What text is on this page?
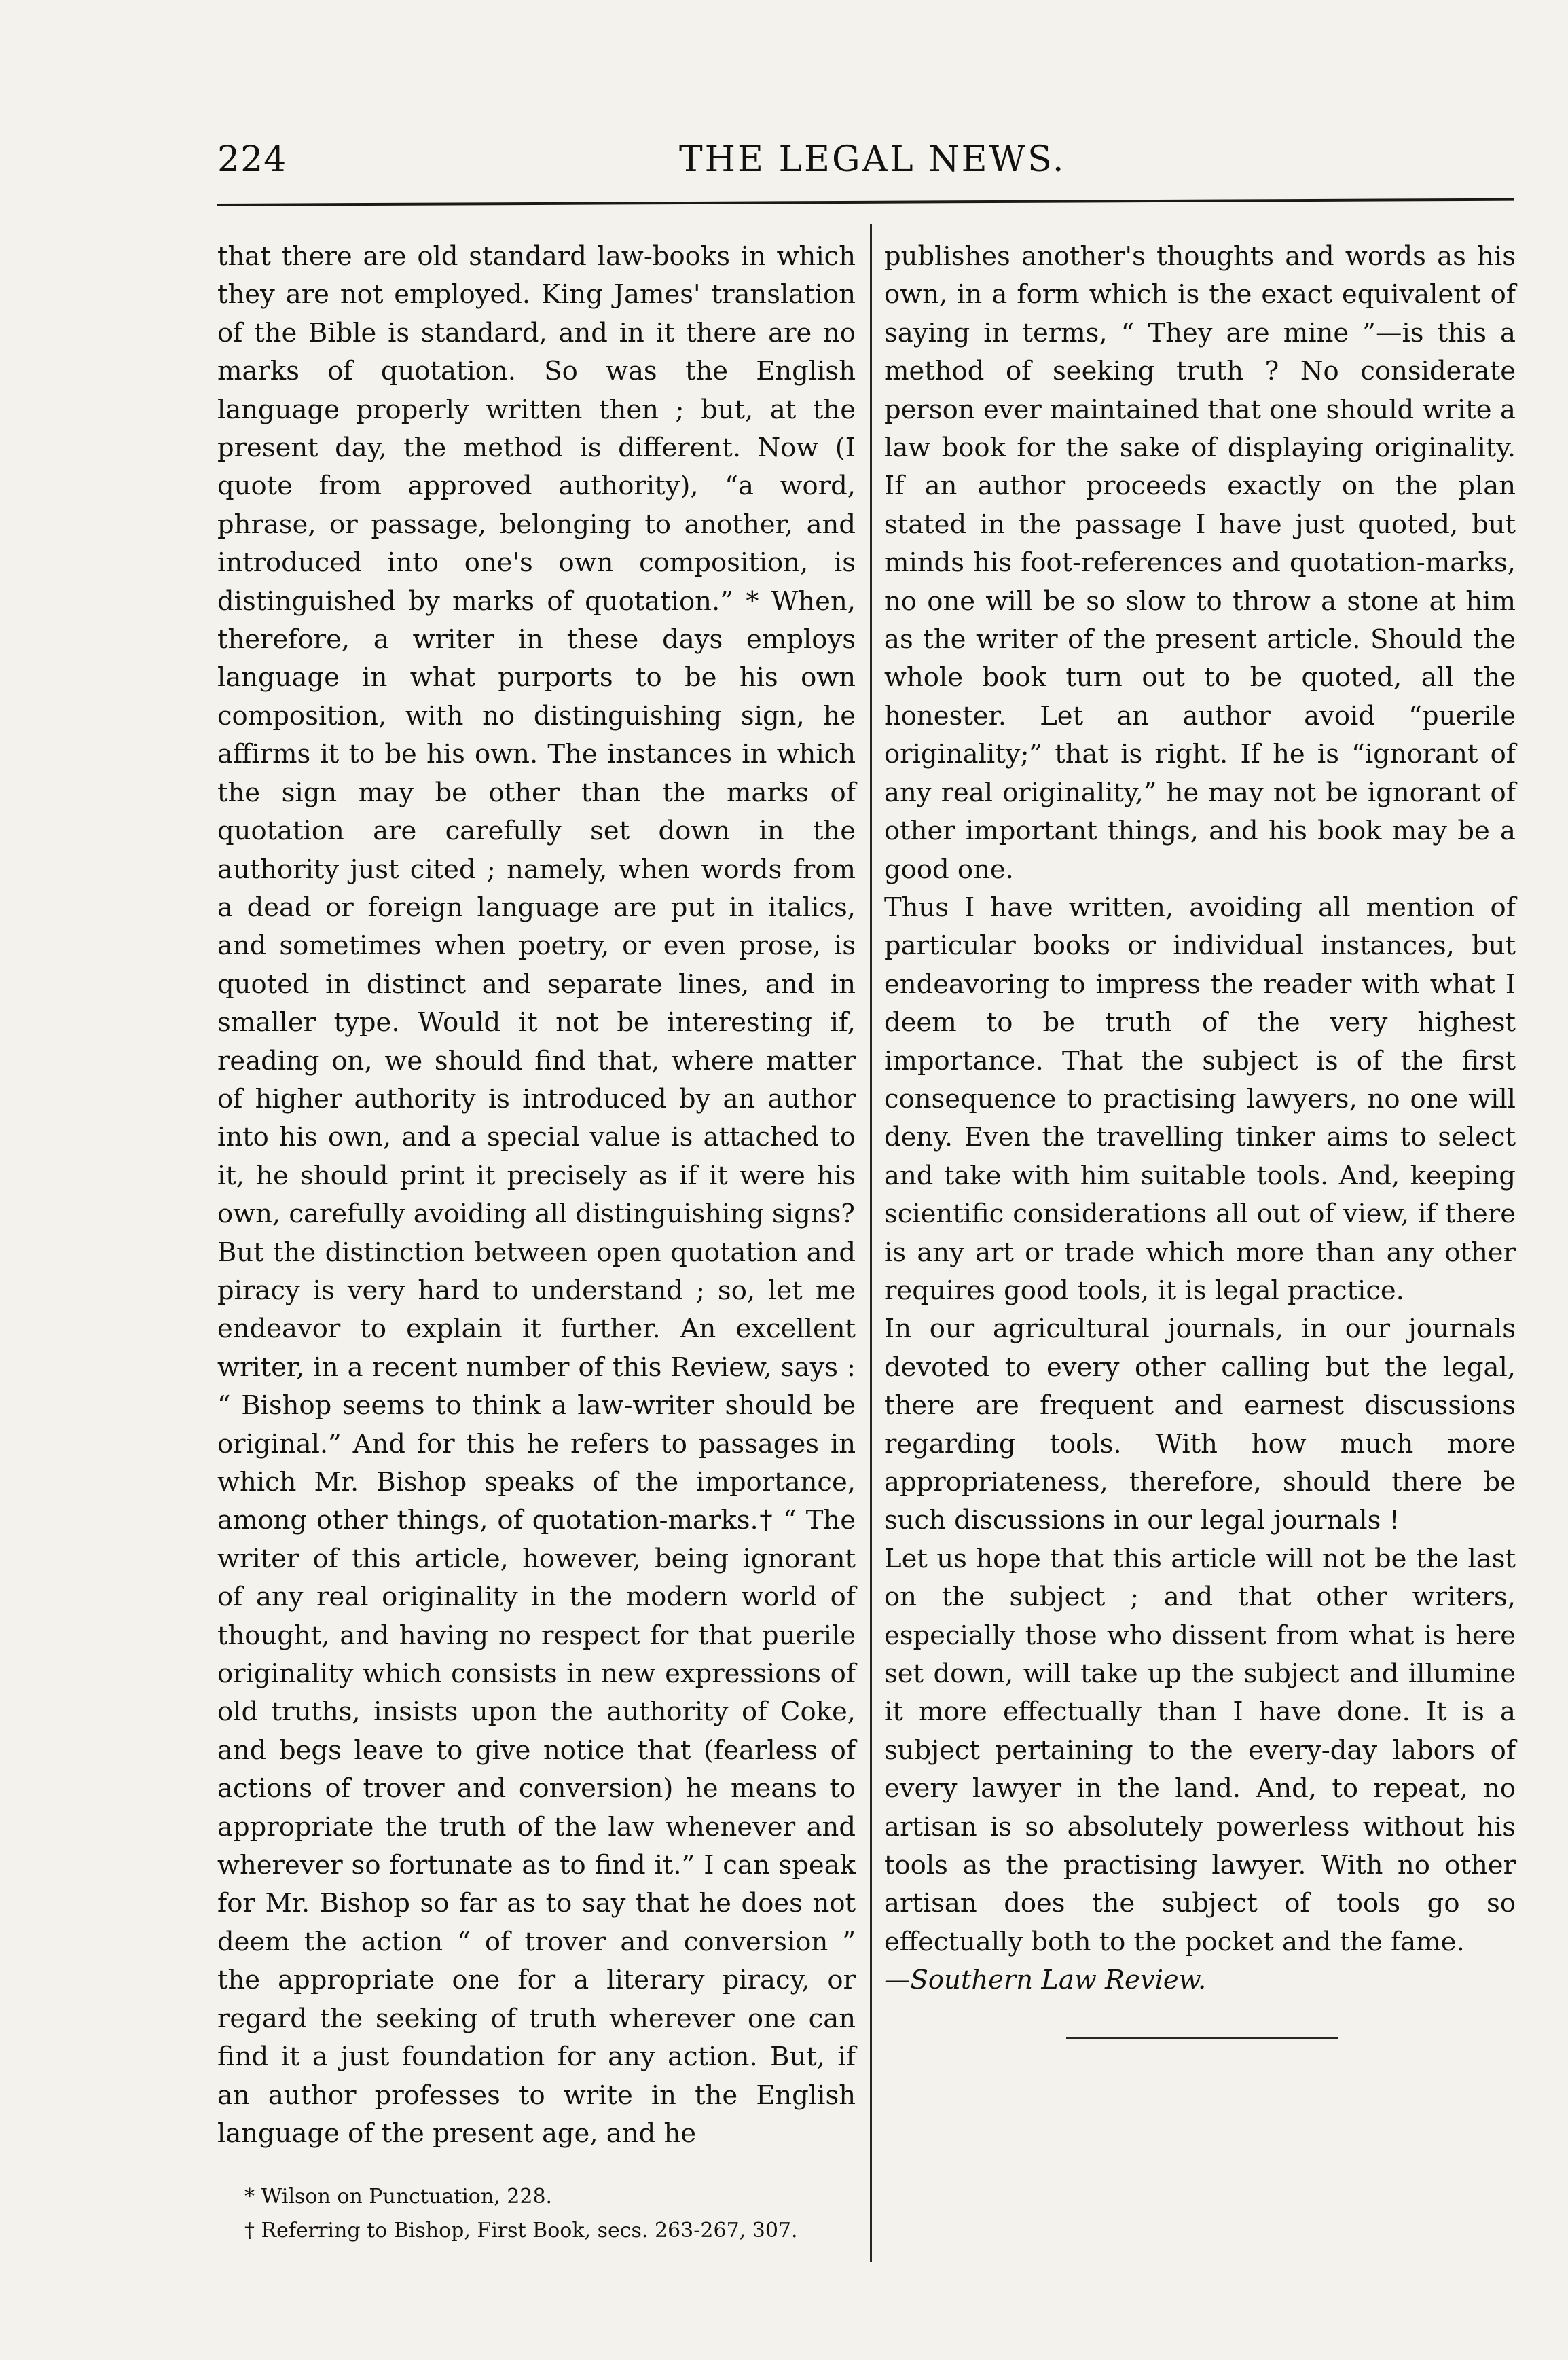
224	THE LEGAL NEWS.

that there are old standard law-books in which they are not employed. King James' translation of the Bible is standard, and in it there are no marks of quotation. So was the English language properly written then ; but, at the present day, the method is different. Now (I quote from approved authority), “a word, phrase, or passage, belonging to another, and introduced into one's own composition, is distinguished by marks of quotation.” * When, therefore, a writer in these days employs language in what purports to be his own composition, with no distinguishing sign, he affirms it to be his own. The instances in which the sign may be other than the marks of quotation are carefully set down in the authority just cited ; namely, when words from a dead or foreign language are put in italics, and sometimes when poetry, or even prose, is quoted in distinct and separate lines, and in smaller type. Would it not be interesting if, reading on, we should find that, where matter of higher authority is introduced by an author into his own, and a special value is attached to it, he should print it precisely as if it were his own, carefully avoiding all distinguishing signs?

But the distinction between open quotation and piracy is very hard to understand ; so, let me endeavor to explain it further. An excellent writer, in a recent number of this Review, says : “ Bishop seems to think a law-writer should be original.” And for this he refers to passages in which Mr. Bishop speaks of the importance, among other things, of quotation-marks.† “ The writer of this article, however, being ignorant of any real originality in the modern world of thought, and having no respect for that puerile originality which consists in new expressions of old truths, insists upon the authority of Coke, and begs leave to give notice that (fearless of actions of trover and conversion) he means to appropriate the truth of the law whenever and wherever so fortunate as to find it.” I can speak for Mr. Bishop so far as to say that he does not deem the action “ of trover and conversion ” the appropriate one for a literary piracy, or regard the seeking of truth wherever one can find it a just foundation for any action. But, if an author professes to write in the English language of the present age, and he

publishes another's thoughts and words as his own, in a form which is the exact equivalent of saying in terms, “ They are mine ”—is this a method of seeking truth ? No considerate person ever maintained that one should write a law book for the sake of displaying originality. If an author proceeds exactly on the plan stated in the passage I have just quoted, but minds his foot-references and quotation-marks, no one will be so slow to throw a stone at him as the writer of the present article. Should the whole book turn out to be quoted, all the honester. Let an author avoid “puerile originality;” that is right. If he is “ignorant of any real originality,” he may not be ignorant of other important things, and his book may be a good one.

Thus I have written, avoiding all mention of particular books or individual instances, but endeavoring to impress the reader with what I deem to be truth of the very highest importance. That the subject is of the first consequence to practising lawyers, no one will deny. Even the travelling tinker aims to select and take with him suitable tools. And, keeping scientific considerations all out of view, if there is any art or trade which more than any other requires good tools, it is legal practice.

In our agricultural journals, in our journals devoted to every other calling but the legal, there are frequent and earnest discussions regarding tools. With how much more appropriateness, therefore, should there be such discussions in our legal journals !

Let us hope that this article will not be the last on the subject ; and that other writers, especially those who dissent from what is here set down, will take up the subject and illumine it more effectually than I have done. It is a subject pertaining to the every-day labors of every lawyer in the land. And, to repeat, no artisan is so absolutely powerless without his tools as the practising lawyer. With no other artisan does the subject of tools go so effectually both to the pocket and the fame.

—Southern Law Review.

* Wilson on Punctuation, 228.

† Referring to Bishop, First Book, secs. 263-267, 307.
